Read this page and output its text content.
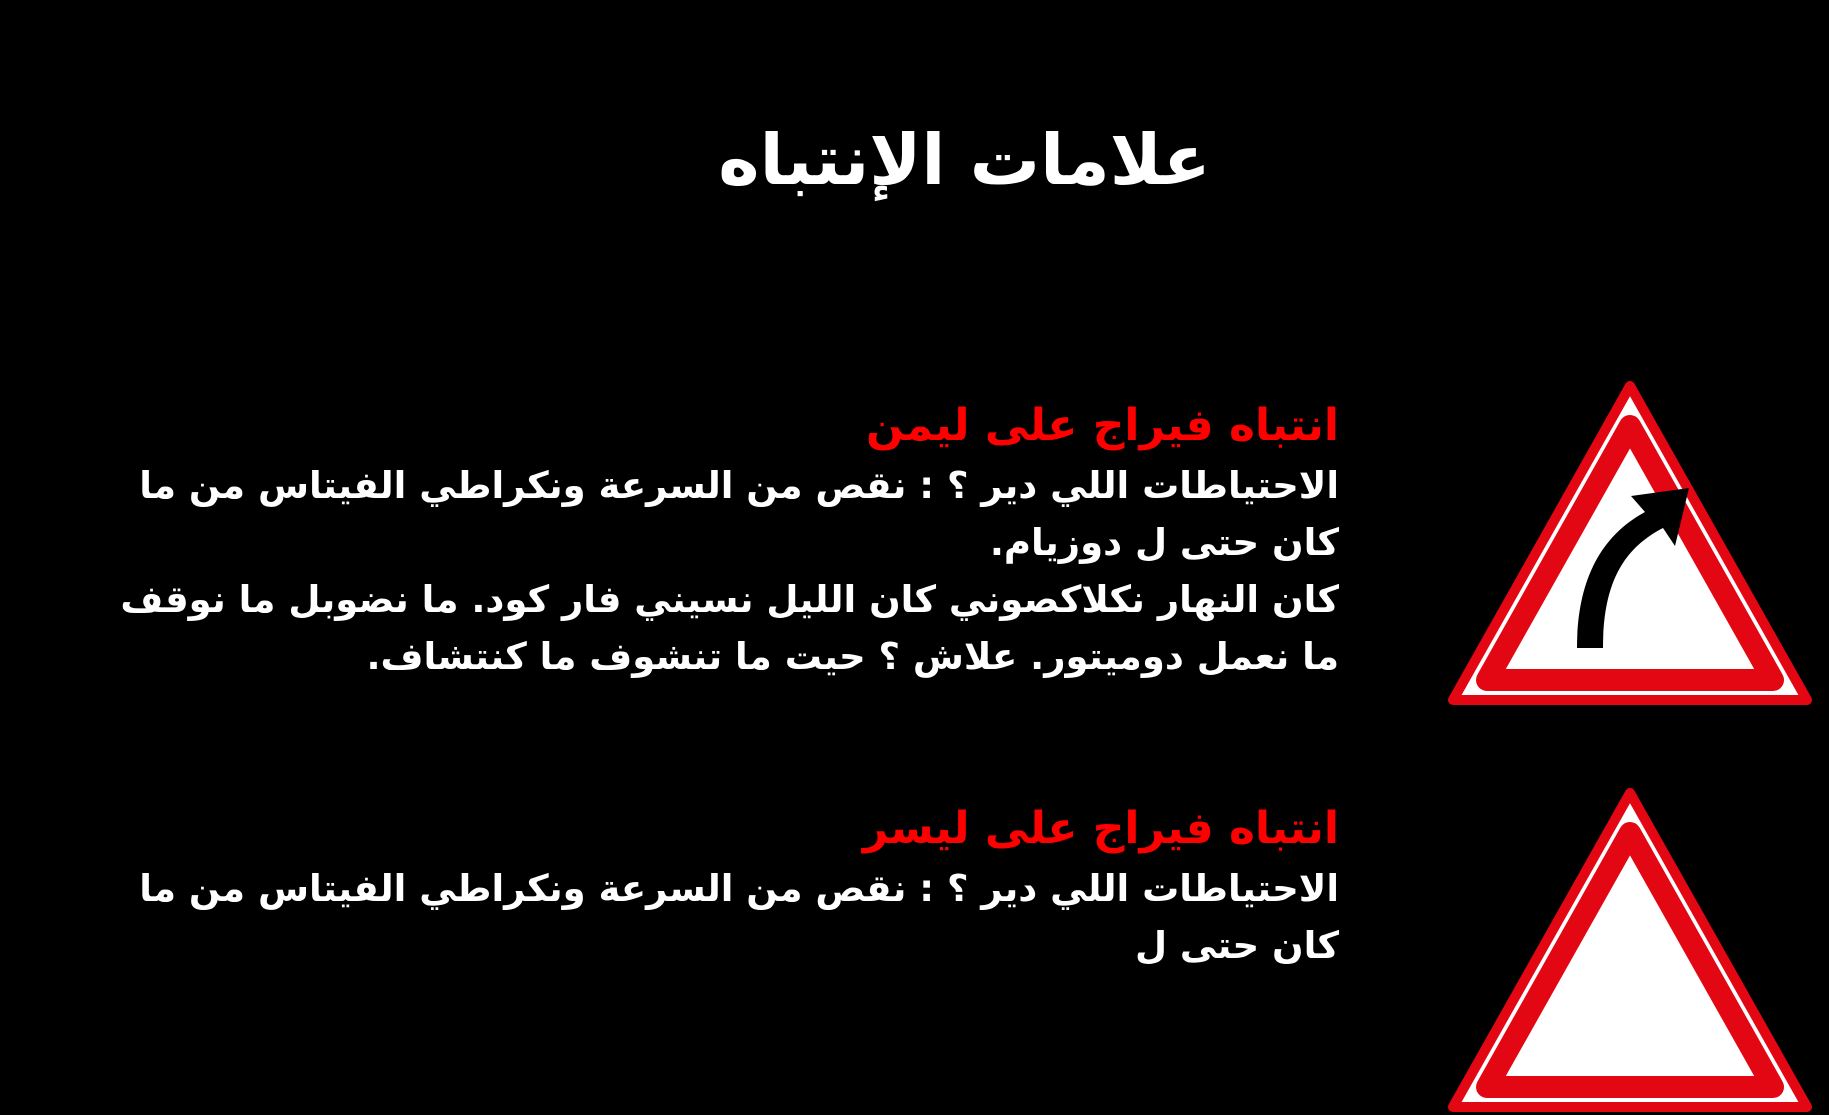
علامات الإنتباه
انتباه فيراج على ليمن

الاحتياطات اللي دير ؟ : نقص من السرعة ونكراطي الفيتاس من ما كان حتى ل دوزيام.

كان النهار نكلاكصوني كان الليل نسيني فار كود. ما نضوبل ما نوقف ما نعمل دوميتور. علاش ؟ حيت ما تنشوف ما كنتشاف.

انتباه فيراج على ليسر

الاحتياطات اللي دير ؟ : نقص من السرعة ونكراطي الفيتاس من ما كان حتى ل
